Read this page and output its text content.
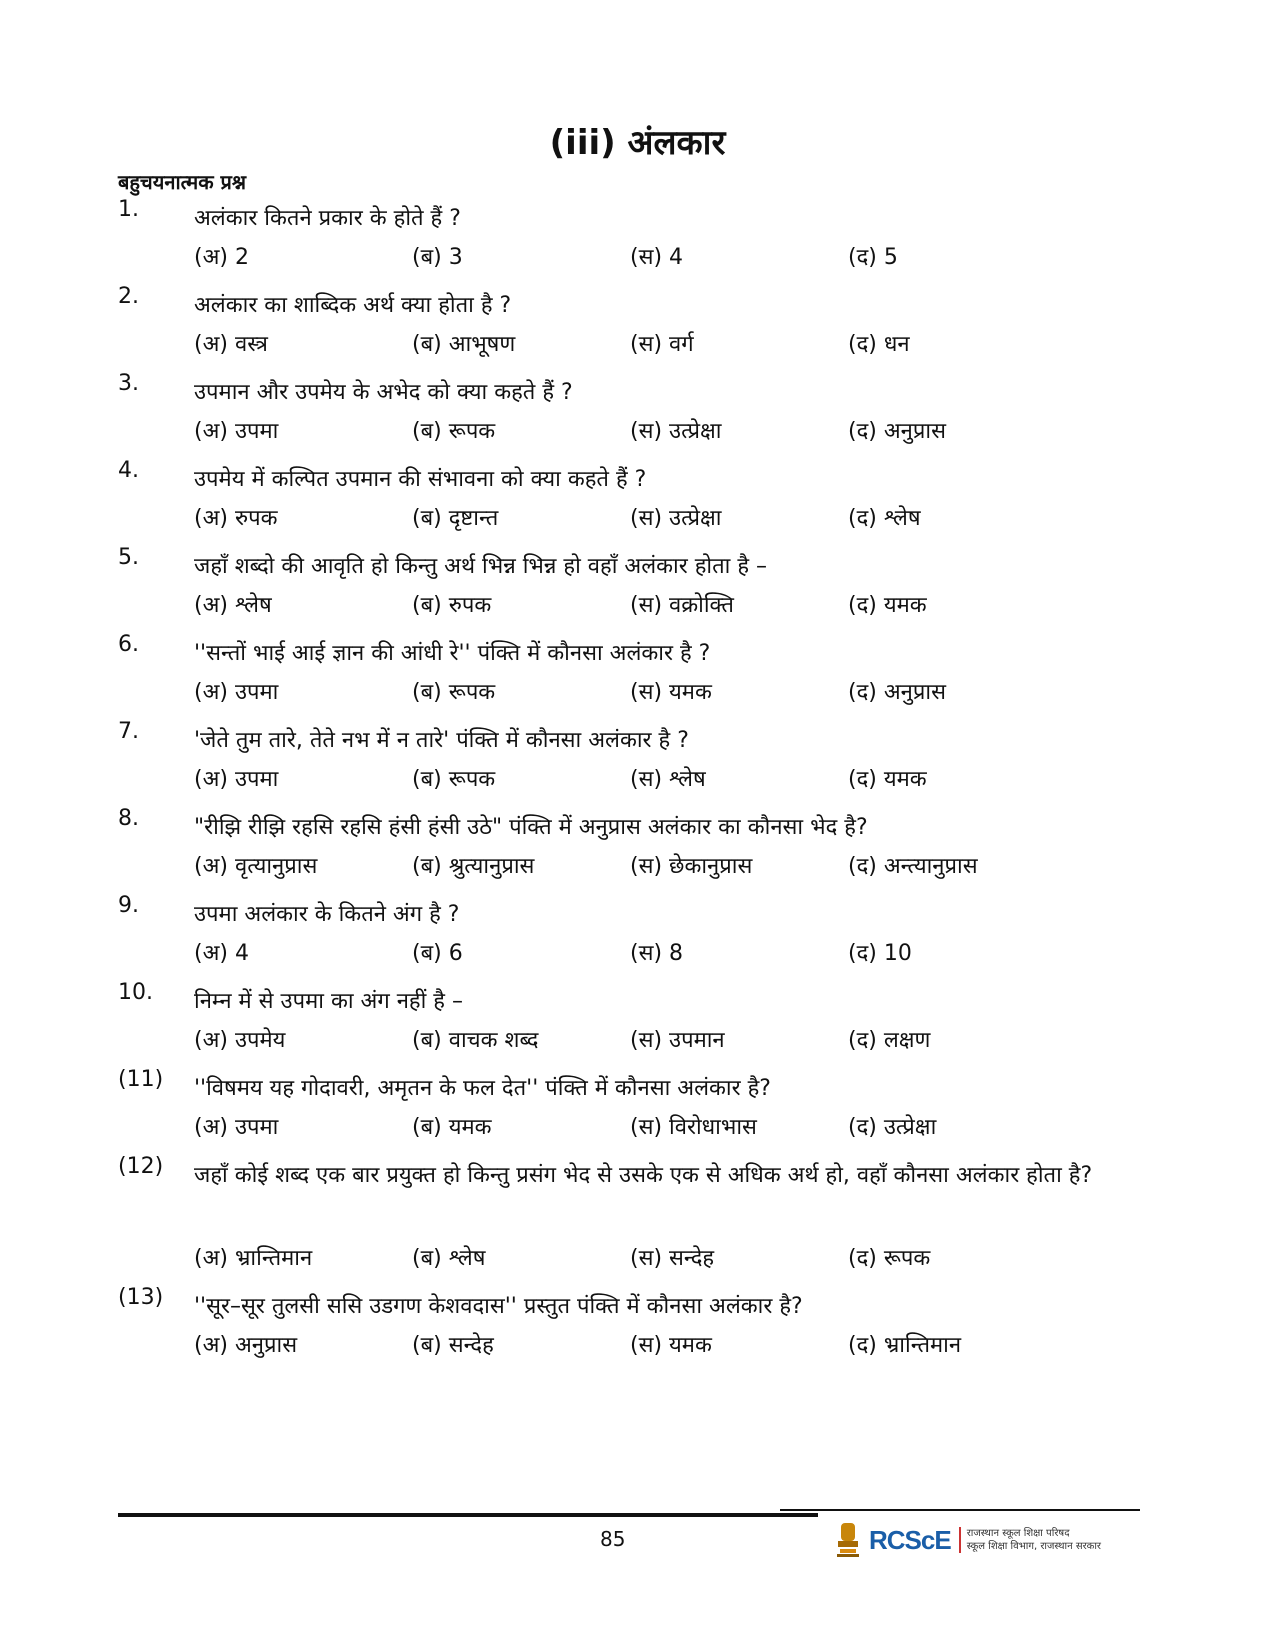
(iii) अंलकार
बहुचयनात्मक प्रश्न
1.	अलंकार कितने प्रकार के होते हैं ?
(अ) 2	(ब) 3	(स) 4	(द) 5
2.	अलंकार का शाब्दिक अर्थ क्या होता है ?
(अ) वस्त्र	(ब) आभूषण	(स) वर्ग	(द) धन
3.	उपमान और उपमेय के अभेद को क्या कहते हैं ?
(अ) उपमा	(ब) रूपक	(स) उत्प्रेक्षा	(द) अनुप्रास
4.	उपमेय में कल्पित उपमान की संभावना को क्या कहते हैं ?
(अ) रुपक	(ब) दृष्टान्त	(स) उत्प्रेक्षा	(द) श्लेष
5.	जहाँ शब्दो की आवृति हो किन्तु अर्थ भिन्न भिन्न हो वहाँ अलंकार होता है –
(अ) श्लेष	(ब) रुपक	(स) वक्रोक्ति	(द) यमक
6.	''सन्तों भाई आई ज्ञान की आंधी रे'' पंक्ति में कौनसा अलंकार है ?
(अ) उपमा	(ब) रूपक	(स) यमक	(द) अनुप्रास
7.	'जेते तुम तारे, तेते नभ में न तारे' पंक्ति में कौनसा अलंकार है ?
(अ) उपमा	(ब) रूपक	(स) श्लेष	(द) यमक
8.	"रीझि रीझि रहसि रहसि हंसी हंसी उठे" पंक्ति में अनुप्रास अलंकार का कौनसा भेद है?
(अ) वृत्यानुप्रास	(ब) श्रुत्यानुप्रास	(स) छेकानुप्रास	(द) अन्त्यानुप्रास
9.	उपमा अलंकार के कितने अंग है ?
(अ) 4	(ब) 6	(स) 8	(द) 10
10.	निम्न में से उपमा का अंग नहीं है –
(अ) उपमेय	(ब) वाचक शब्द	(स) उपमान	(द) लक्षण
(11)	''विषमय यह गोदावरी, अमृतन के फल देत'' पंक्ति में कौनसा अलंकार है?
(अ) उपमा	(ब) यमक	(स) विरोधाभास	(द) उत्प्रेक्षा
(12)	जहाँ कोई शब्द एक बार प्रयुक्त हो किन्तु प्रसंग भेद से उसके एक से अधिक अर्थ हो, वहाँ कौनसा अलंकार होता है?
(अ) भ्रान्तिमान	(ब) श्लेष	(स) सन्देह	(द) रूपक
(13)	''सूर–सूर तुलसी ससि उडगण केशवदास'' प्रस्तुत पंक्ति में कौनसा अलंकार है?
(अ) अनुप्रास	(ब) सन्देह	(स) यमक	(द) भ्रान्तिमान
85	RCScE	राजस्थान स्कूल शिक्षा परिषद
स्कूल शिक्षा विभाग, राजस्थान सरकार
